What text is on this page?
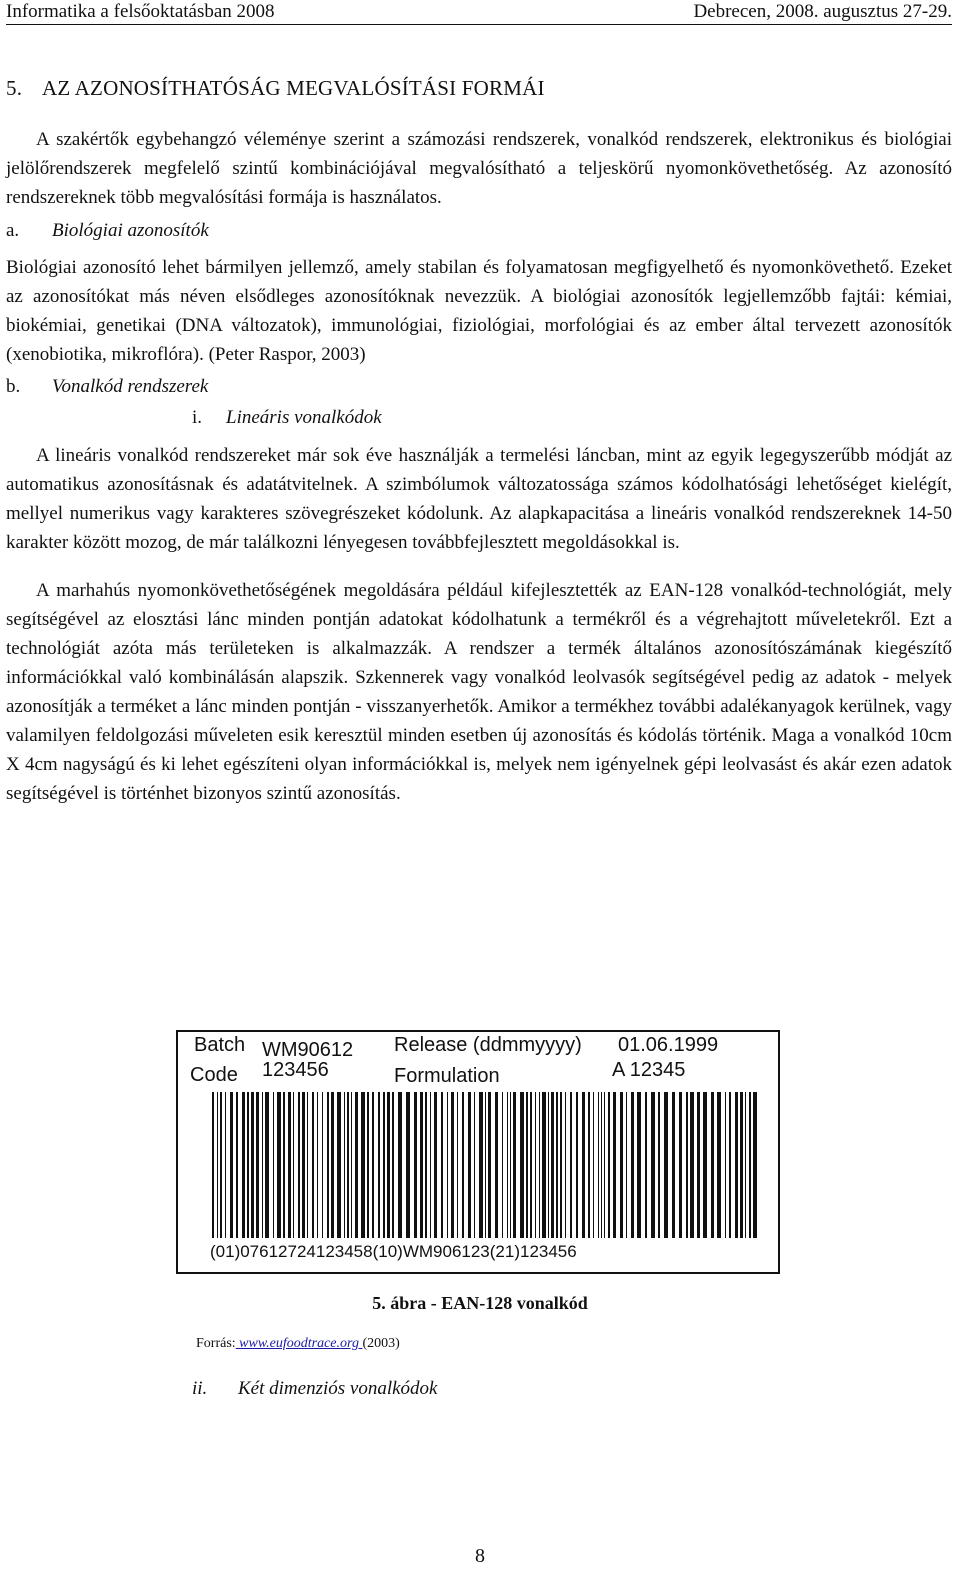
Informatika a felsőoktatásban 2008	Debrecen, 2008. augusztus 27-29.
5. AZ AZONOSÍTHATÓSÁG MEGVALÓSÍTÁSI FORMÁI

A szakértők egybehangzó véleménye szerint a számozási rendszerek, vonalkód rendszerek, elektronikus és biológiai jelölőrendszerek megfelelő szintű kombinációjával megvalósítható a teljeskörű nyomonkövethetőség. Az azonosító rendszereknek több megvalósítási formája is használatos.

a. Biológiai azonosítók

Biológiai azonosító lehet bármilyen jellemző, amely stabilan és folyamatosan megfigyelhető és nyomonkövethető. Ezeket az azonosítókat más néven elsődleges azonosítóknak nevezzük. A biológiai azonosítók legjellemzőbb fajtái: kémiai, biokémiai, genetikai (DNA változatok), immunológiai, fiziológiai, morfológiai és az ember által tervezett azonosítók (xenobiotika, mikroflóra). (Peter Raspor, 2003)

b. Vonalkód rendszerek
i. Lineáris vonalkódok

A lineáris vonalkód rendszereket már sok éve használják a termelési láncban, mint az egyik legegyszerűbb módját az automatikus azonosításnak és adatátvitelnek. A szimbólumok változatossága számos kódolhatósági lehetőséget kielégít, mellyel numerikus vagy karakteres szövegrészeket kódolunk. Az alapkapacitása a lineáris vonalkód rendszereknek 14-50 karakter között mozog, de már találkozni lényegesen továbbfejlesztett megoldásokkal is.

A marhahús nyomonkövethetőségének megoldására például kifejlesztették az EAN-128 vonalkód-technológiát, mely segítségével az elosztási lánc minden pontján adatokat kódolhatunk a termékről és a végrehajtott műveletekről. Ezt a technológiát azóta más területeken is alkalmazzák. A rendszer a termék általános azonosítószámának kiegészítő információkkal való kombinálásán alapszik. Szkennerek vagy vonalkód leolvasók segítségével pedig az adatok - melyek azonosítják a terméket a lánc minden pontján - visszanyerhetők. Amikor a termékhez további adalékanyagok kerülnek, vagy valamilyen feldolgozási műveleten esik keresztül minden esetben új azonosítás és kódolás történik. Maga a vonalkód 10cm X 4cm nagyságú és ki lehet egészíteni olyan információkkal is, melyek nem igényelnek gépi leolvasást és akár ezen adatok segítségével is történhet bizonyos szintű azonosítás.

Batch
Code
WM90612
123456
Release (ddmmyyyy) 01.06.1999
Formulation	A 12345
(01)07612724123458(10)WM906123(21)123456
5. ábra - EAN-128 vonalkód
Forrás: www.eufoodtrace.org (2003)
ii. Két dimenziós vonalkódok
8
